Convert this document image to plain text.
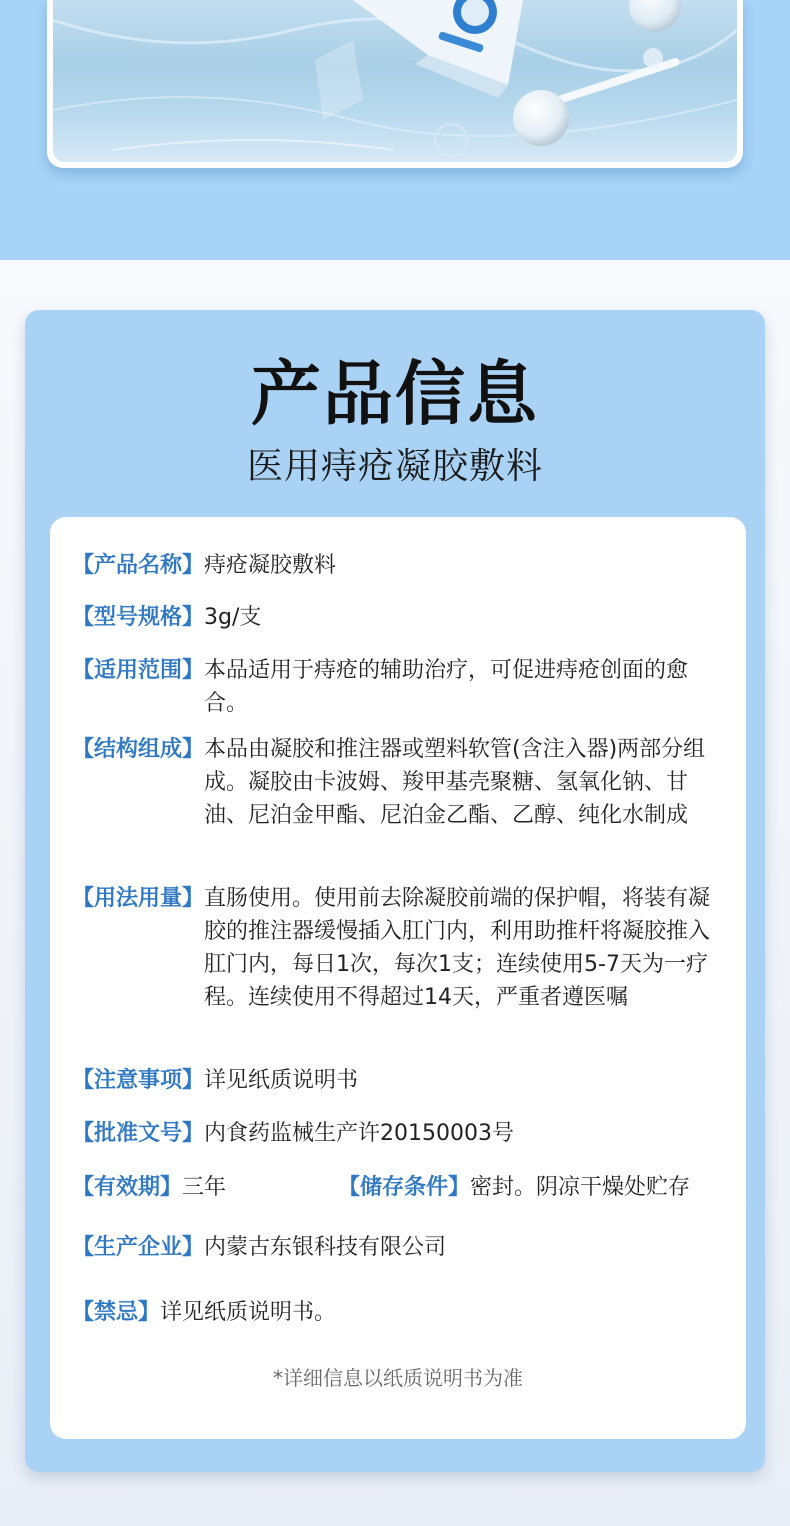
产品信息
医用痔疮凝胶敷料
【产品名称】痔疮凝胶敷料
【型号规格】3g/支
【适用范围】 本品适用于痔疮的辅助治疗，可促进痔疮创面的愈合。
【结构组成】 本品由凝胶和推注器或塑料软管(含注入器)两部分组成。凝胶由卡波姆、羧甲基壳聚糖、氢氧化钠、甘油、尼泊金甲酯、尼泊金乙酯、乙醇、纯化水制成
【用法用量】 直肠使用。使用前去除凝胶前端的保护帽，将装有凝胶的推注器缓慢插入肛门内，利用助推杆将凝胶推入肛门内，每日1次，每次1支；连续使用5-7天为一疗程。连续使用不得超过14天，严重者遵医嘱
【注意事项】详见纸质说明书
【批准文号】内食药监械生产许20150003号
【有效期】三年	【储存条件】密封。阴凉干燥处贮存
【生产企业】内蒙古东银科技有限公司
【禁忌】详见纸质说明书。
*详细信息以纸质说明书为准
